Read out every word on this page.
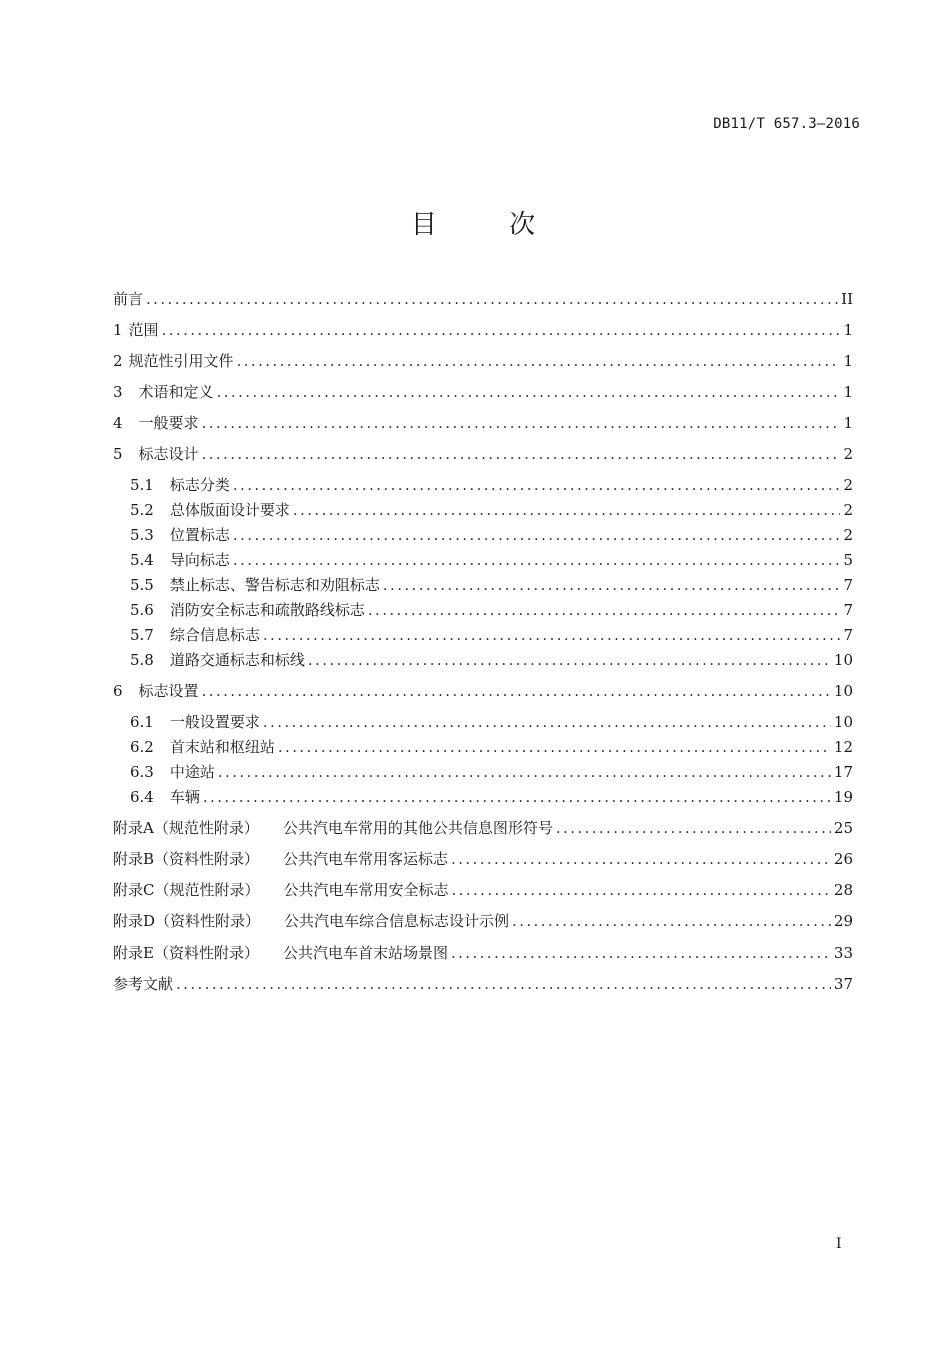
DB11/T 657.3—2016
目 次
前言 .....	II
1 范围 .....	1
2 规范性引用文件 .....	1
3 术语和定义 .....	1
4 一般要求 .....	1
5 标志设计 .....	2
5.1 标志分类 .....	2
5.2 总体版面设计要求 .....	2
5.3 位置标志 .....	2
5.4 导向标志 .....	5
5.5 禁止标志、警告标志和劝阻标志 .....	7
5.6 消防安全标志和疏散路线标志 .....	7
5.7 综合信息标志 .....	7
5.8 道路交通标志和标线 .....	10
6 标志设置 .....	10
6.1 一般设置要求 .....	10
6.2 首末站和枢纽站 .....	12
6.3 中途站 .....	17
6.4 车辆 .....	19
附录A（规范性附录） 公共汽电车常用的其他公共信息图形符号 .....	25
附录B（资料性附录） 公共汽电车常用客运标志 .....	26
附录C（规范性附录） 公共汽电车常用安全标志 .....	28
附录D（资料性附录） 公共汽电车综合信息标志设计示例 .....	29
附录E（资料性附录） 公共汽电车首末站场景图 .....	33
参考文献 .....	37
I
